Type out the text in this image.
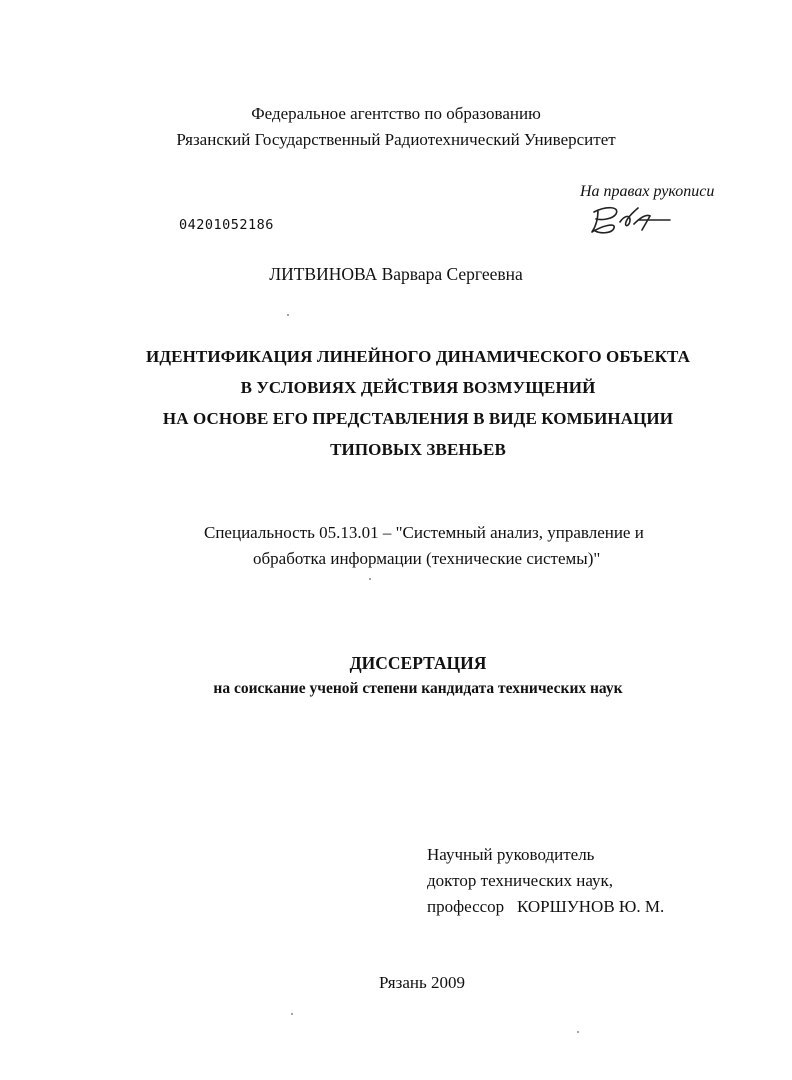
Федеральное агентство по образованию
Рязанский Государственный Радиотехнический Университет
На правах рукописи
04201052186
ЛИТВИНОВА Варвара Сергеевна
ИДЕНТИФИКАЦИЯ ЛИНЕЙНОГО ДИНАМИЧЕСКОГО ОБЪЕКТА
В УСЛОВИЯХ ДЕЙСТВИЯ ВОЗМУЩЕНИЙ
НА ОСНОВЕ ЕГО ПРЕДСТАВЛЕНИЯ В ВИДЕ КОМБИНАЦИИ
ТИПОВЫХ ЗВЕНЬЕВ
Специальность 05.13.01 – "Системный анализ, управление и
обработка информации (технические системы)"
ДИССЕРТАЦИЯ
на соискание ученой степени кандидата технических наук
Научный руководитель
доктор технических наук,
профессор КОРШУНОВ Ю. М.
Рязань 2009
